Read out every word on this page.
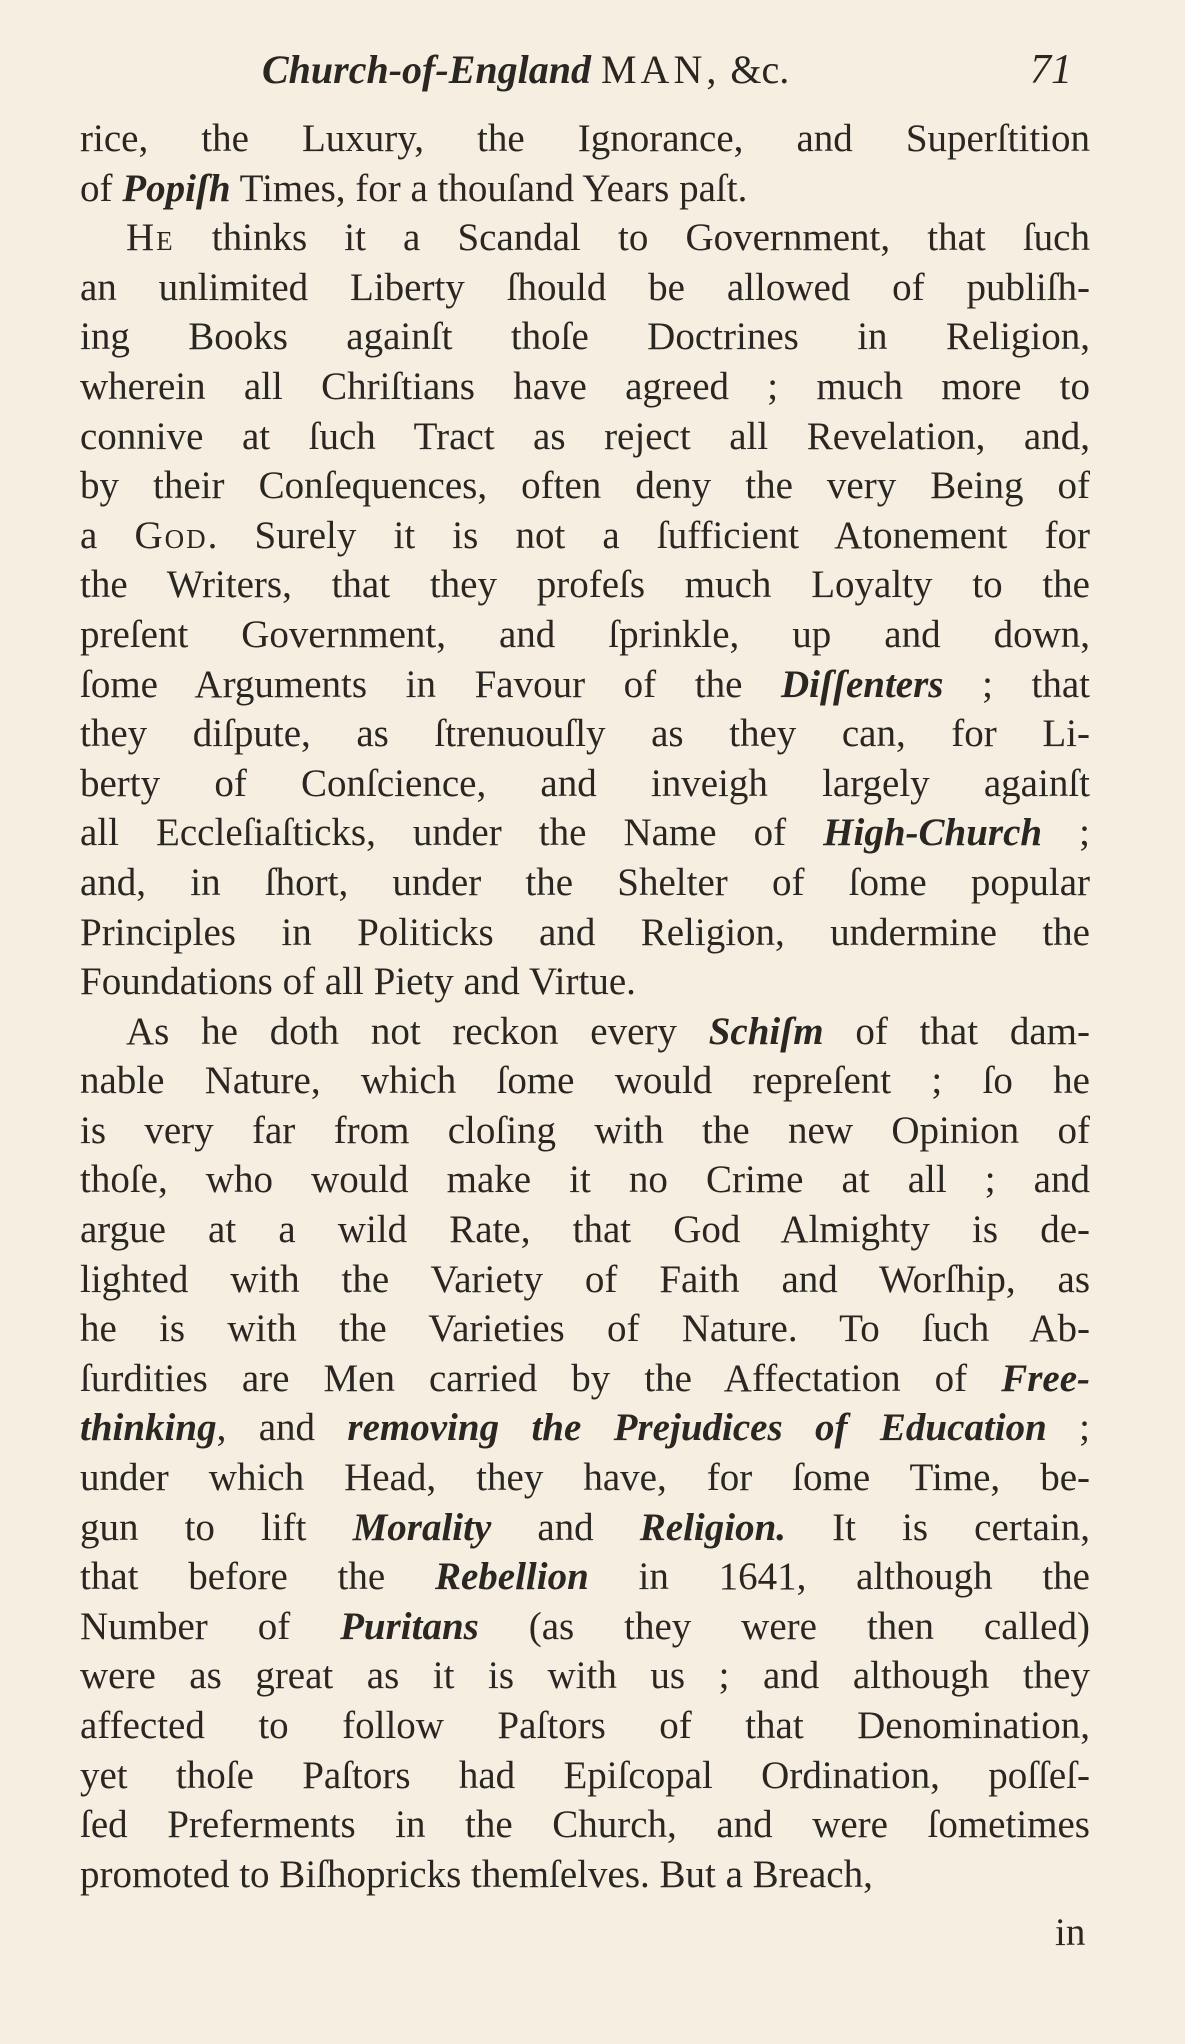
Church-of-England MAN, &c.	71
rice, the Luxury, the Ignorance, and Superſtition
of Popiſh Times, for a thouſand Years paſt.
He thinks it a Scandal to Government, that ſuch
an unlimited Liberty ſhould be allowed of publiſh-
ing Books againſt thoſe Doctrines in Religion,
wherein all Chriſtians have agreed ; much more to
connive at ſuch Tract as reject all Revelation, and,
by their Conſequences, often deny the very Being of
a God. Surely it is not a ſufficient Atonement for
the Writers, that they profeſs much Loyalty to the
preſent Government, and ſprinkle, up and down,
ſome Arguments in Favour of the Diſſenters ; that
they diſpute, as ſtrenuouſly as they can, for Li-
berty of Conſcience, and inveigh largely againſt
all Eccleſiaſticks, under the Name of High-Church ;
and, in ſhort, under the Shelter of ſome popular
Principles in Politicks and Religion, undermine the
Foundations of all Piety and Virtue.
As he doth not reckon every Schiſm of that dam-
nable Nature, which ſome would repreſent ; ſo he
is very far from cloſing with the new Opinion of
thoſe, who would make it no Crime at all ; and
argue at a wild Rate, that God Almighty is de-
lighted with the Variety of Faith and Worſhip, as
he is with the Varieties of Nature. To ſuch Ab-
ſurdities are Men carried by the Affectation of Free-
thinking, and removing the Prejudices of Education ;
under which Head, they have, for ſome Time, be-
gun to lift Morality and Religion. It is certain,
that before the Rebellion in 1641, although the
Number of Puritans (as they were then called)
were as great as it is with us ; and although they
affected to follow Paſtors of that Denomination,
yet thoſe Paſtors had Epiſcopal Ordination, poſſeſ-
ſed Preferments in the Church, and were ſometimes
promoted to Biſhopricks themſelves. But a Breach,
in
